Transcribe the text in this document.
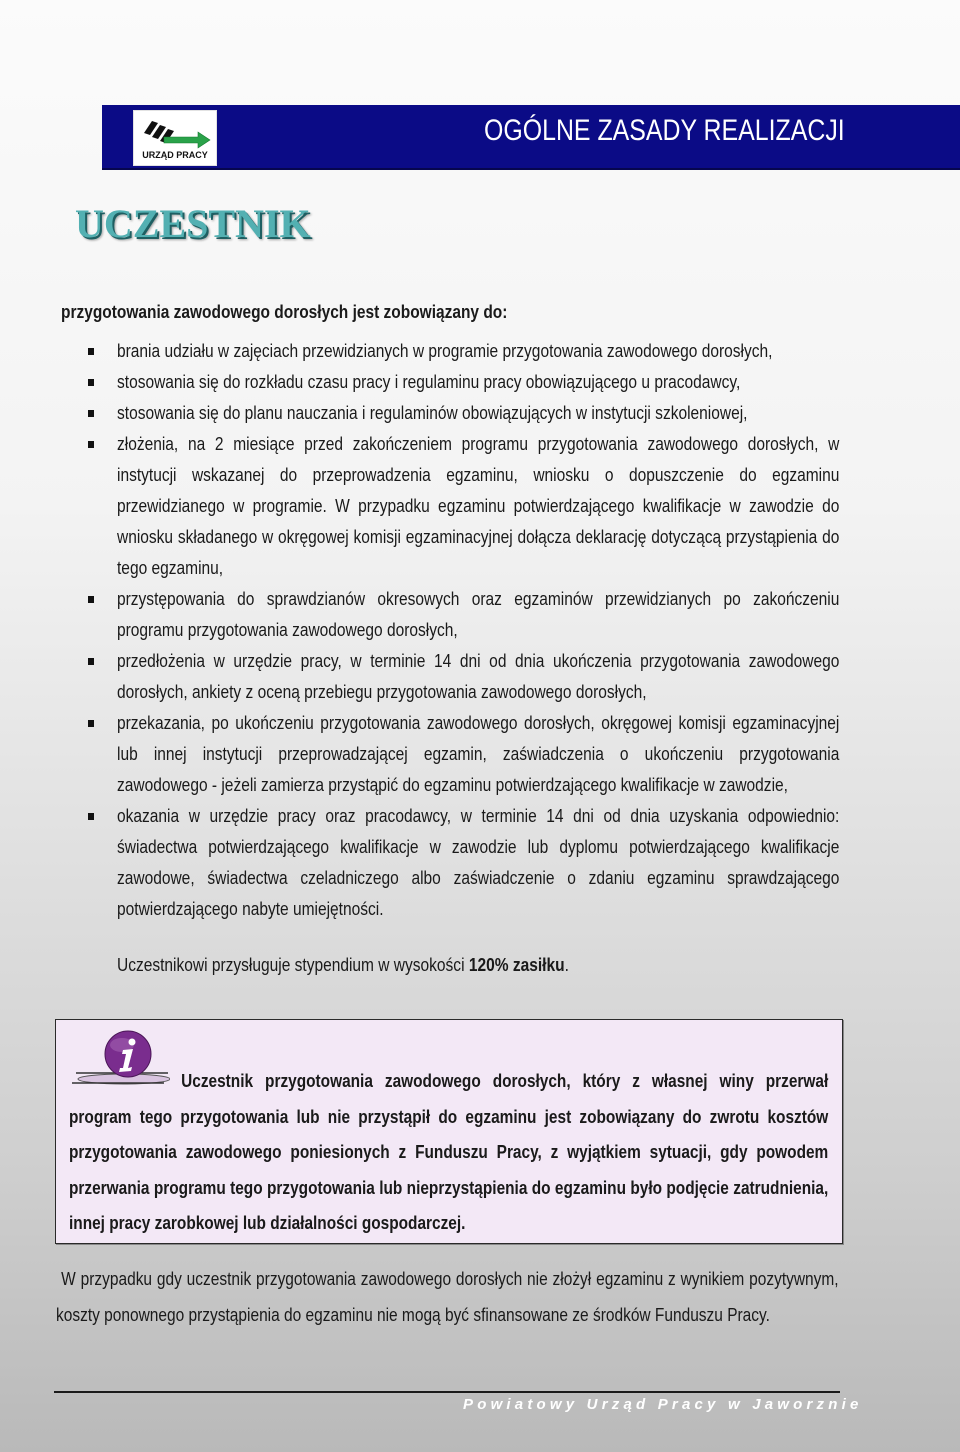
URZĄD PRACY
OGÓLNE ZASADY REALIZACJI
UCZESTNIK
przygotowania zawodowego dorosłych jest zobowiązany do:
brania udziału w zajęciach przewidzianych w programie przygotowania zawodowego dorosłych,
stosowania się do rozkładu czasu pracy i regulaminu pracy obowiązującego u pracodawcy,
stosowania się do planu nauczania i regulaminów obowiązujących w instytucji szkoleniowej,
złożenia, na 2 miesiące przed zakończeniem programu przygotowania zawodowego dorosłych, w instytucji wskazanej do przeprowadzenia egzaminu, wniosku o dopuszczenie do egzaminu przewidzianego w programie. W przypadku egzaminu potwierdzającego kwalifikacje w zawodzie do wniosku składanego w okręgowej komisji egzaminacyjnej dołącza deklarację dotyczącą przystąpienia do tego egzaminu,
przystępowania do sprawdzianów okresowych oraz egzaminów przewidzianych po zakończeniu programu przygotowania zawodowego dorosłych,
przedłożenia w urzędzie pracy, w terminie 14 dni od dnia ukończenia przygotowania zawodowego dorosłych, ankiety z oceną przebiegu przygotowania zawodowego dorosłych,
przekazania, po ukończeniu przygotowania zawodowego dorosłych, okręgowej komisji egzaminacyjnej lub innej instytucji przeprowadzającej egzamin, zaświadczenia o ukończeniu przygotowania zawodowego - jeżeli zamierza przystąpić do egzaminu potwierdzającego kwalifikacje w zawodzie,
okazania w urzędzie pracy oraz pracodawcy, w terminie 14 dni od dnia uzyskania odpowiednio: świadectwa potwierdzającego kwalifikacje w zawodzie lub dyplomu potwierdzającego kwalifikacje zawodowe, świadectwa czeladniczego albo zaświadczenie o zdaniu egzaminu sprawdzającego potwierdzającego nabyte umiejętności.
Uczestnikowi przysługuje stypendium w wysokości 120% zasiłku.
Uczestnik przygotowania zawodowego dorosłych, który z własnej winy przerwał program tego przygotowania lub nie przystąpił do egzaminu jest zobowiązany do zwrotu kosztów przygotowania zawodowego poniesionych z Funduszu Pracy, z wyjątkiem sytuacji, gdy powodem przerwania programu tego przygotowania lub nieprzystąpienia do egzaminu było podjęcie zatrudnienia, innej pracy zarobkowej lub działalności gospodarczej.
W przypadku gdy uczestnik przygotowania zawodowego dorosłych nie złożył egzaminu z wynikiem pozytywnym, koszty ponownego przystąpienia do egzaminu nie mogą być sfinansowane ze środków Funduszu Pracy.
Powiatowy Urząd Pracy w Jaworznie
